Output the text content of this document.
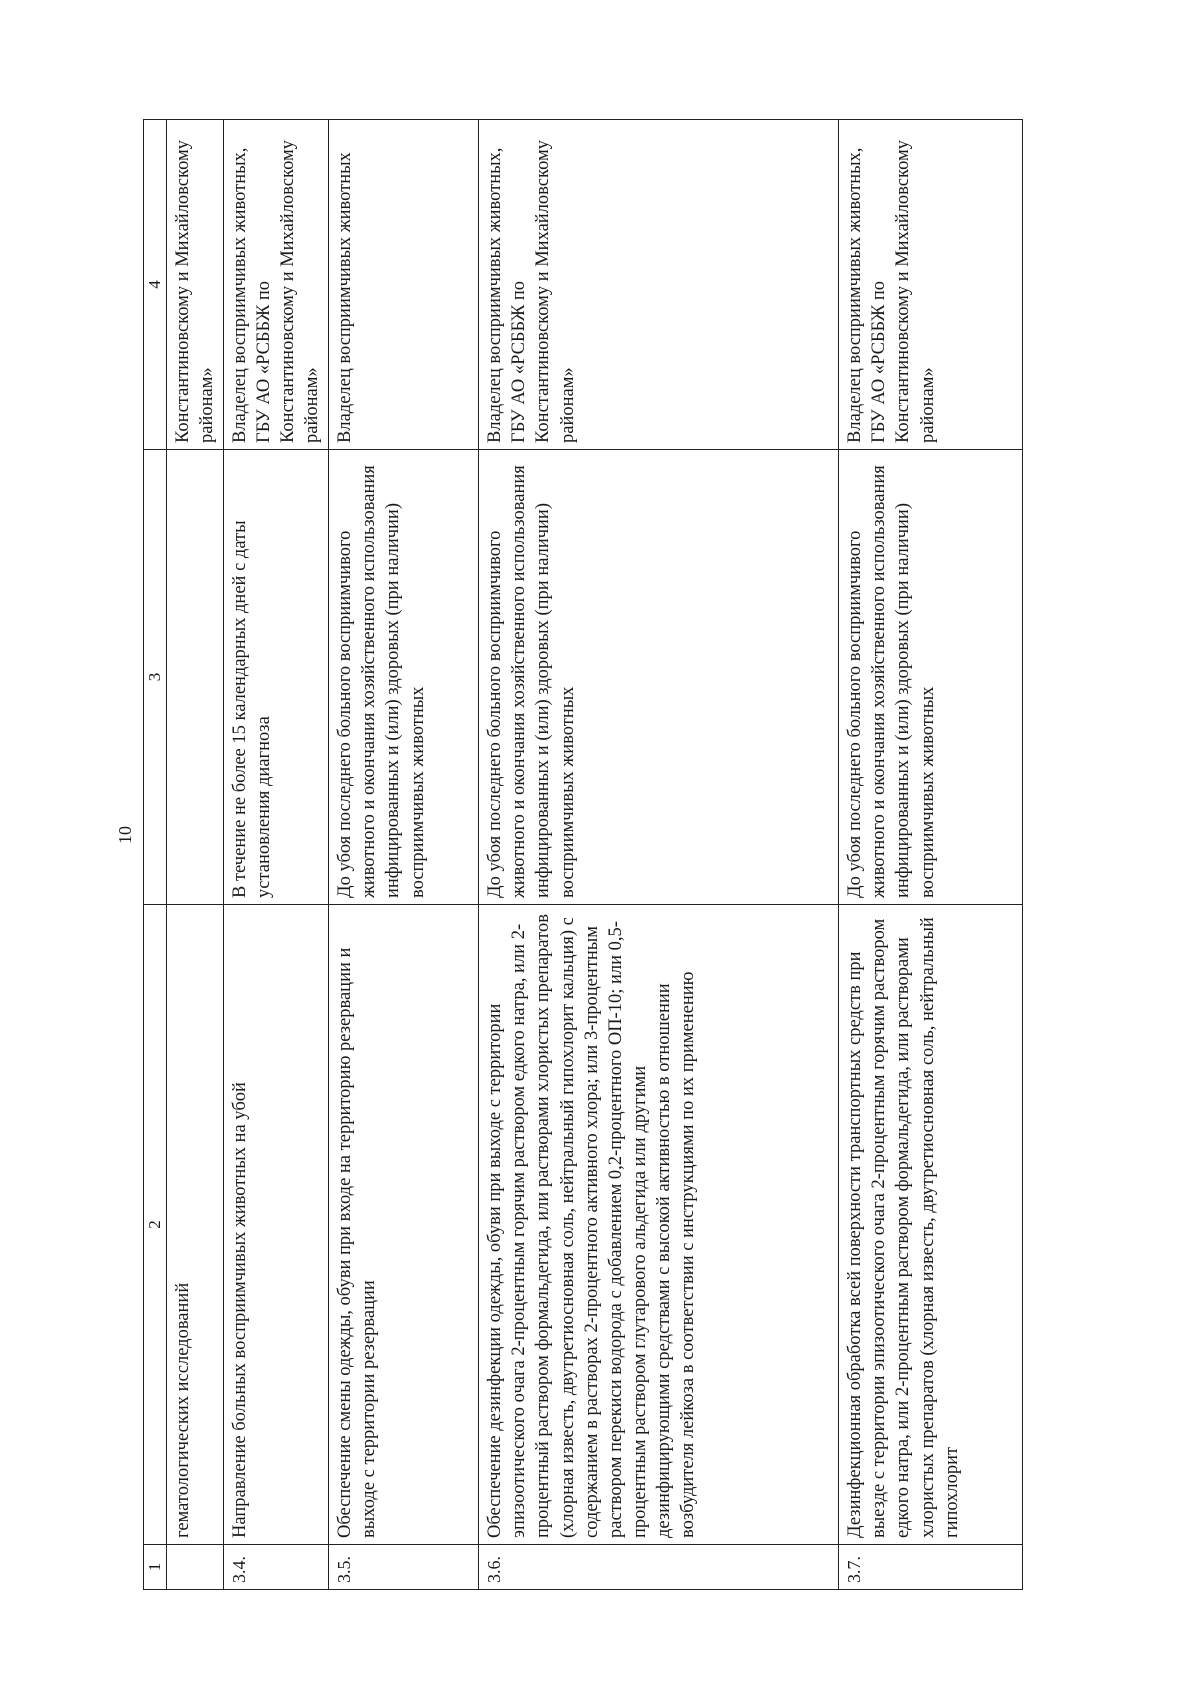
10
1	2	3	4
	гематологических исследований		Константиновскому и Михайловскому районам»
3.4.	Направление больных восприимчивых животных на убой	В течение не более 15 календарных дней с даты установления диагноза	Владелец восприимчивых животных, ГБУ АО «РСББЖ по Константиновскому и Михайловскому районам»
3.5.	Обеспечение смены одежды, обуви при входе на территорию резервации и выходе с территории резервации	До убоя последнего больного восприимчивого животного и окончания хозяйственного использования инфицированных и (или) здоровых (при наличии) восприимчивых животных	Владелец восприимчивых животных
3.6.	Обеспечение дезинфекции одежды, обуви при выходе с территории эпизоотического очага 2-процентным горячим раствором едкого натра, или 2-процентный раствором формальдегида, или растворами хлористых препаратов (хлорная известь, двутретиосновная соль, нейтральный гипохлорит кальция) с содержанием в растворах 2-процентного активного хлора; или 3-процентным раствором перекиси водорода с добавлением 0,2-процентного ОП-10; или 0,5-процентным раствором глутарового альдегида или другими дезинфицирующими средствами с высокой активностью в отношении возбудителя лейкоза в соответствии с инструкциями по их применению	До убоя последнего больного восприимчивого животного и окончания хозяйственного использования инфицированных и (или) здоровых (при наличии) восприимчивых животных	Владелец восприимчивых животных, ГБУ АО «РСББЖ по Константиновскому и Михайловскому районам»
3.7.	Дезинфекционная обработка всей поверхности транспортных средств при выезде с территории эпизоотического очага 2-процентным горячим раствором едкого натра, или 2-процентным раствором формальдегида, или растворами хлористых препаратов (хлорная известь, двутретиосновная соль, нейтральный гипохлорит	До убоя последнего больного восприимчивого животного и окончания хозяйственного использования инфицированных и (или) здоровых (при наличии) восприимчивых животных	Владелец восприимчивых животных, ГБУ АО «РСББЖ по Константиновскому и Михайловскому районам»
